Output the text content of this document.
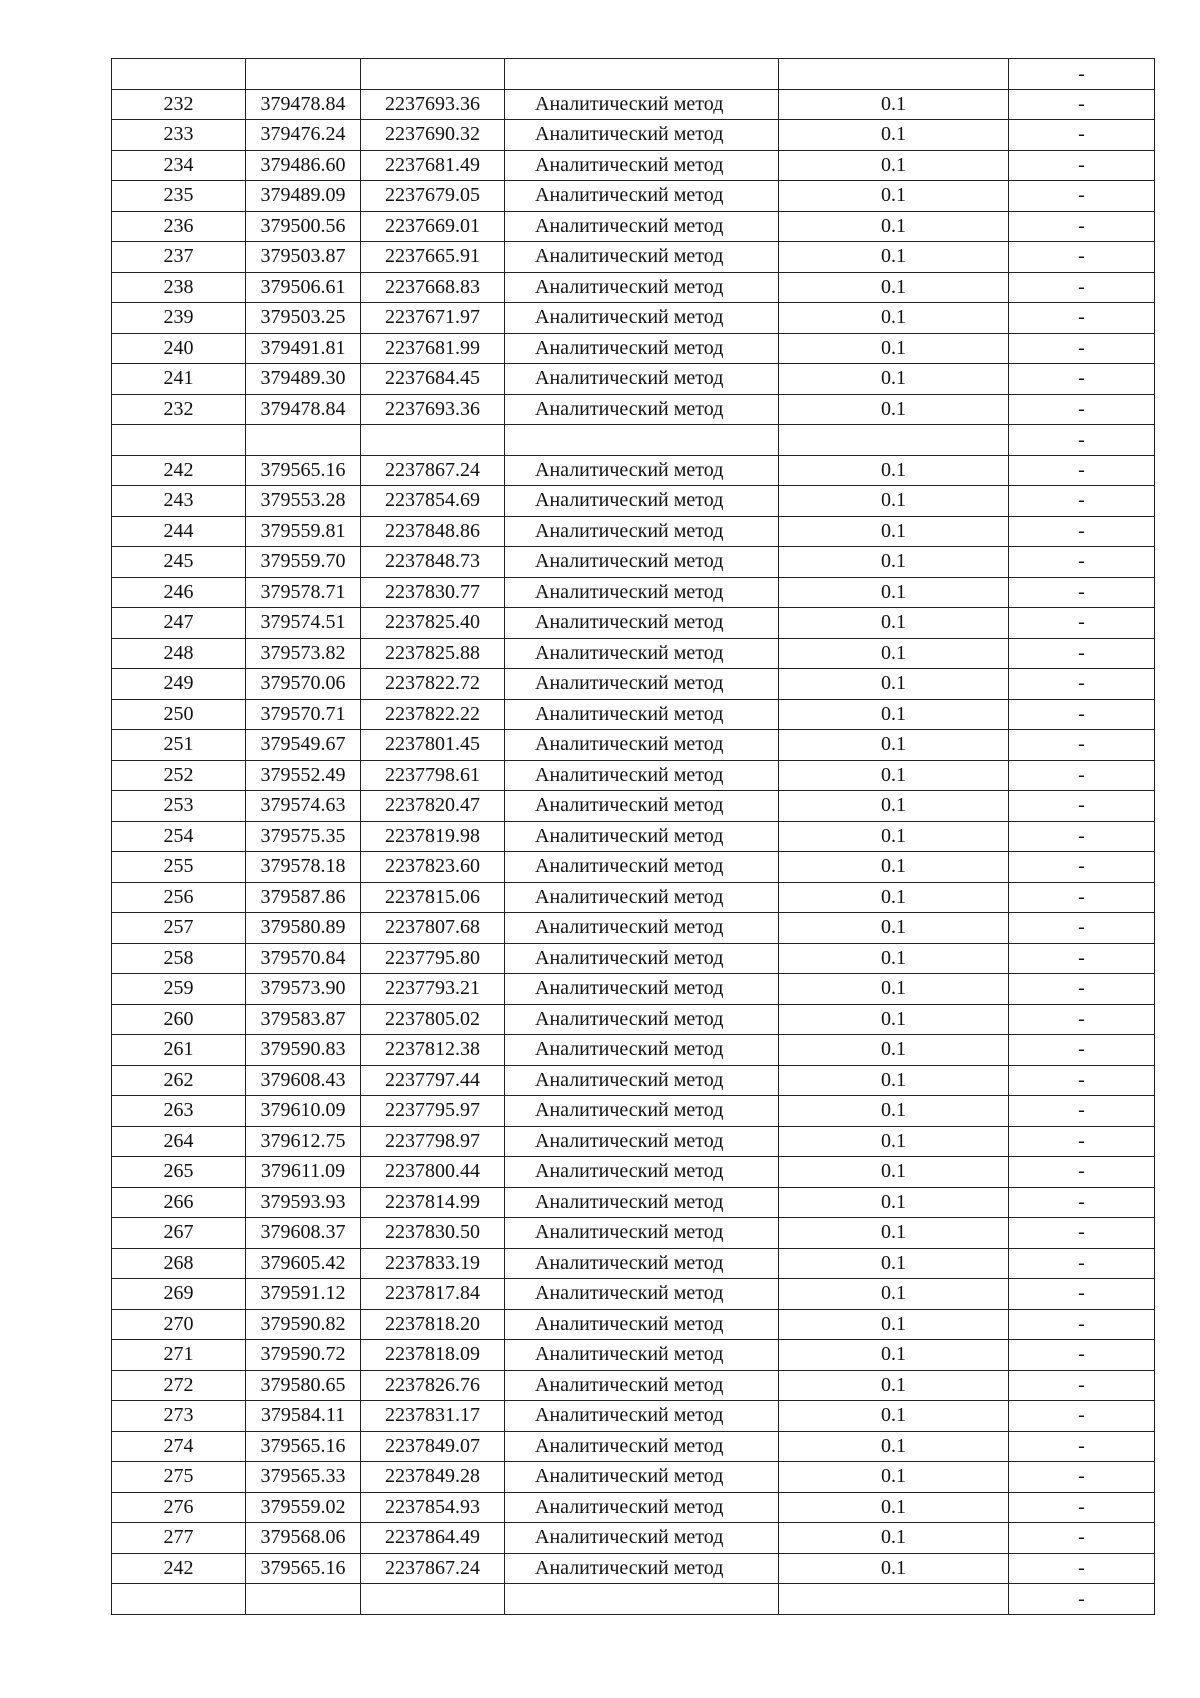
					-
232	379478.84	2237693.36	Аналитический метод	0.1	-
233	379476.24	2237690.32	Аналитический метод	0.1	-
234	379486.60	2237681.49	Аналитический метод	0.1	-
235	379489.09	2237679.05	Аналитический метод	0.1	-
236	379500.56	2237669.01	Аналитический метод	0.1	-
237	379503.87	2237665.91	Аналитический метод	0.1	-
238	379506.61	2237668.83	Аналитический метод	0.1	-
239	379503.25	2237671.97	Аналитический метод	0.1	-
240	379491.81	2237681.99	Аналитический метод	0.1	-
241	379489.30	2237684.45	Аналитический метод	0.1	-
232	379478.84	2237693.36	Аналитический метод	0.1	-
					-
242	379565.16	2237867.24	Аналитический метод	0.1	-
243	379553.28	2237854.69	Аналитический метод	0.1	-
244	379559.81	2237848.86	Аналитический метод	0.1	-
245	379559.70	2237848.73	Аналитический метод	0.1	-
246	379578.71	2237830.77	Аналитический метод	0.1	-
247	379574.51	2237825.40	Аналитический метод	0.1	-
248	379573.82	2237825.88	Аналитический метод	0.1	-
249	379570.06	2237822.72	Аналитический метод	0.1	-
250	379570.71	2237822.22	Аналитический метод	0.1	-
251	379549.67	2237801.45	Аналитический метод	0.1	-
252	379552.49	2237798.61	Аналитический метод	0.1	-
253	379574.63	2237820.47	Аналитический метод	0.1	-
254	379575.35	2237819.98	Аналитический метод	0.1	-
255	379578.18	2237823.60	Аналитический метод	0.1	-
256	379587.86	2237815.06	Аналитический метод	0.1	-
257	379580.89	2237807.68	Аналитический метод	0.1	-
258	379570.84	2237795.80	Аналитический метод	0.1	-
259	379573.90	2237793.21	Аналитический метод	0.1	-
260	379583.87	2237805.02	Аналитический метод	0.1	-
261	379590.83	2237812.38	Аналитический метод	0.1	-
262	379608.43	2237797.44	Аналитический метод	0.1	-
263	379610.09	2237795.97	Аналитический метод	0.1	-
264	379612.75	2237798.97	Аналитический метод	0.1	-
265	379611.09	2237800.44	Аналитический метод	0.1	-
266	379593.93	2237814.99	Аналитический метод	0.1	-
267	379608.37	2237830.50	Аналитический метод	0.1	-
268	379605.42	2237833.19	Аналитический метод	0.1	-
269	379591.12	2237817.84	Аналитический метод	0.1	-
270	379590.82	2237818.20	Аналитический метод	0.1	-
271	379590.72	2237818.09	Аналитический метод	0.1	-
272	379580.65	2237826.76	Аналитический метод	0.1	-
273	379584.11	2237831.17	Аналитический метод	0.1	-
274	379565.16	2237849.07	Аналитический метод	0.1	-
275	379565.33	2237849.28	Аналитический метод	0.1	-
276	379559.02	2237854.93	Аналитический метод	0.1	-
277	379568.06	2237864.49	Аналитический метод	0.1	-
242	379565.16	2237867.24	Аналитический метод	0.1	-
					-
